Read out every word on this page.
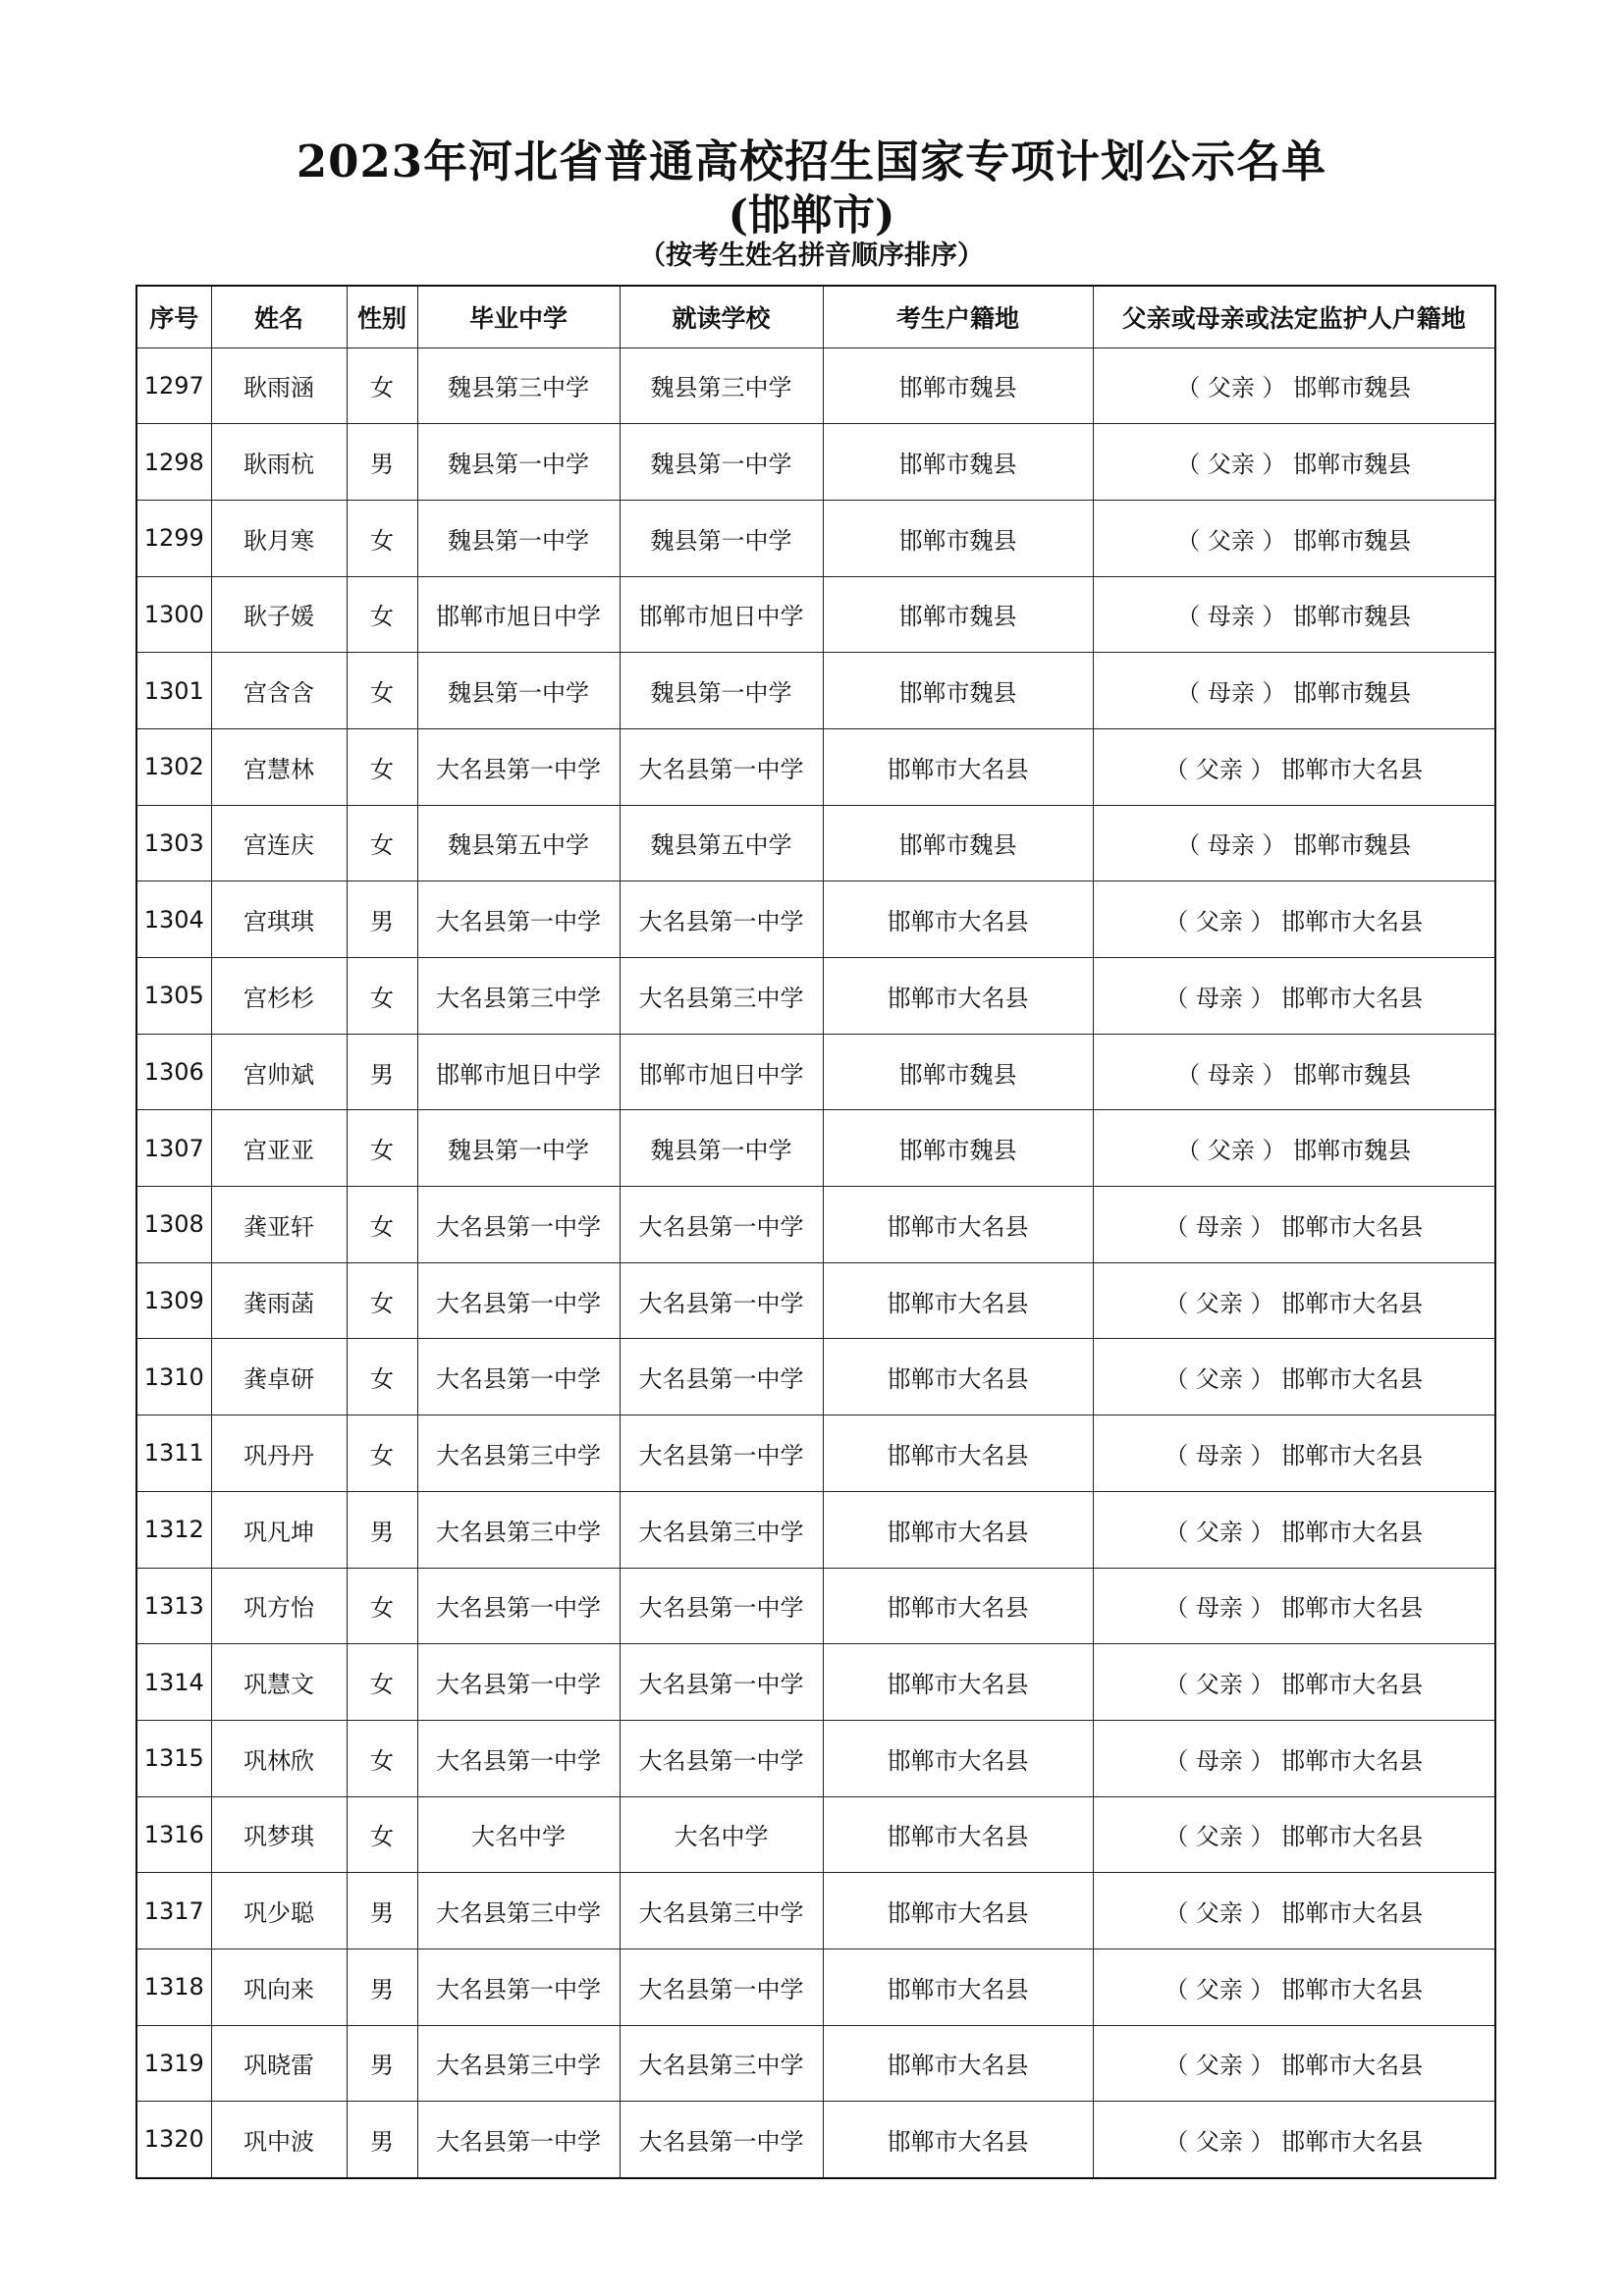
2023年河北省普通高校招生国家专项计划公示名单
(邯郸市)
（按考生姓名拼音顺序排序）
序号	姓名	性别	毕业中学	就读学校	考生户籍地	父亲或母亲或法定监护人户籍地
1297	耿雨涵	女	魏县第三中学	魏县第三中学	邯郸市魏县	（ 父亲 ） 邯郸市魏县
1298	耿雨杭	男	魏县第一中学	魏县第一中学	邯郸市魏县	（ 父亲 ） 邯郸市魏县
1299	耿月寒	女	魏县第一中学	魏县第一中学	邯郸市魏县	（ 父亲 ） 邯郸市魏县
1300	耿子媛	女	邯郸市旭日中学	邯郸市旭日中学	邯郸市魏县	（ 母亲 ） 邯郸市魏县
1301	宫含含	女	魏县第一中学	魏县第一中学	邯郸市魏县	（ 母亲 ） 邯郸市魏县
1302	宫慧林	女	大名县第一中学	大名县第一中学	邯郸市大名县	（ 父亲 ） 邯郸市大名县
1303	宫连庆	女	魏县第五中学	魏县第五中学	邯郸市魏县	（ 母亲 ） 邯郸市魏县
1304	宫琪琪	男	大名县第一中学	大名县第一中学	邯郸市大名县	（ 父亲 ） 邯郸市大名县
1305	宫杉杉	女	大名县第三中学	大名县第三中学	邯郸市大名县	（ 母亲 ） 邯郸市大名县
1306	宫帅斌	男	邯郸市旭日中学	邯郸市旭日中学	邯郸市魏县	（ 母亲 ） 邯郸市魏县
1307	宫亚亚	女	魏县第一中学	魏县第一中学	邯郸市魏县	（ 父亲 ） 邯郸市魏县
1308	龚亚轩	女	大名县第一中学	大名县第一中学	邯郸市大名县	（ 母亲 ） 邯郸市大名县
1309	龚雨菡	女	大名县第一中学	大名县第一中学	邯郸市大名县	（ 父亲 ） 邯郸市大名县
1310	龚卓研	女	大名县第一中学	大名县第一中学	邯郸市大名县	（ 父亲 ） 邯郸市大名县
1311	巩丹丹	女	大名县第三中学	大名县第一中学	邯郸市大名县	（ 母亲 ） 邯郸市大名县
1312	巩凡坤	男	大名县第三中学	大名县第三中学	邯郸市大名县	（ 父亲 ） 邯郸市大名县
1313	巩方怡	女	大名县第一中学	大名县第一中学	邯郸市大名县	（ 母亲 ） 邯郸市大名县
1314	巩慧文	女	大名县第一中学	大名县第一中学	邯郸市大名县	（ 父亲 ） 邯郸市大名县
1315	巩林欣	女	大名县第一中学	大名县第一中学	邯郸市大名县	（ 母亲 ） 邯郸市大名县
1316	巩梦琪	女	大名中学	大名中学	邯郸市大名县	（ 父亲 ） 邯郸市大名县
1317	巩少聪	男	大名县第三中学	大名县第三中学	邯郸市大名县	（ 父亲 ） 邯郸市大名县
1318	巩向来	男	大名县第一中学	大名县第一中学	邯郸市大名县	（ 父亲 ） 邯郸市大名县
1319	巩晓雷	男	大名县第三中学	大名县第三中学	邯郸市大名县	（ 父亲 ） 邯郸市大名县
1320	巩中波	男	大名县第一中学	大名县第一中学	邯郸市大名县	（ 父亲 ） 邯郸市大名县
